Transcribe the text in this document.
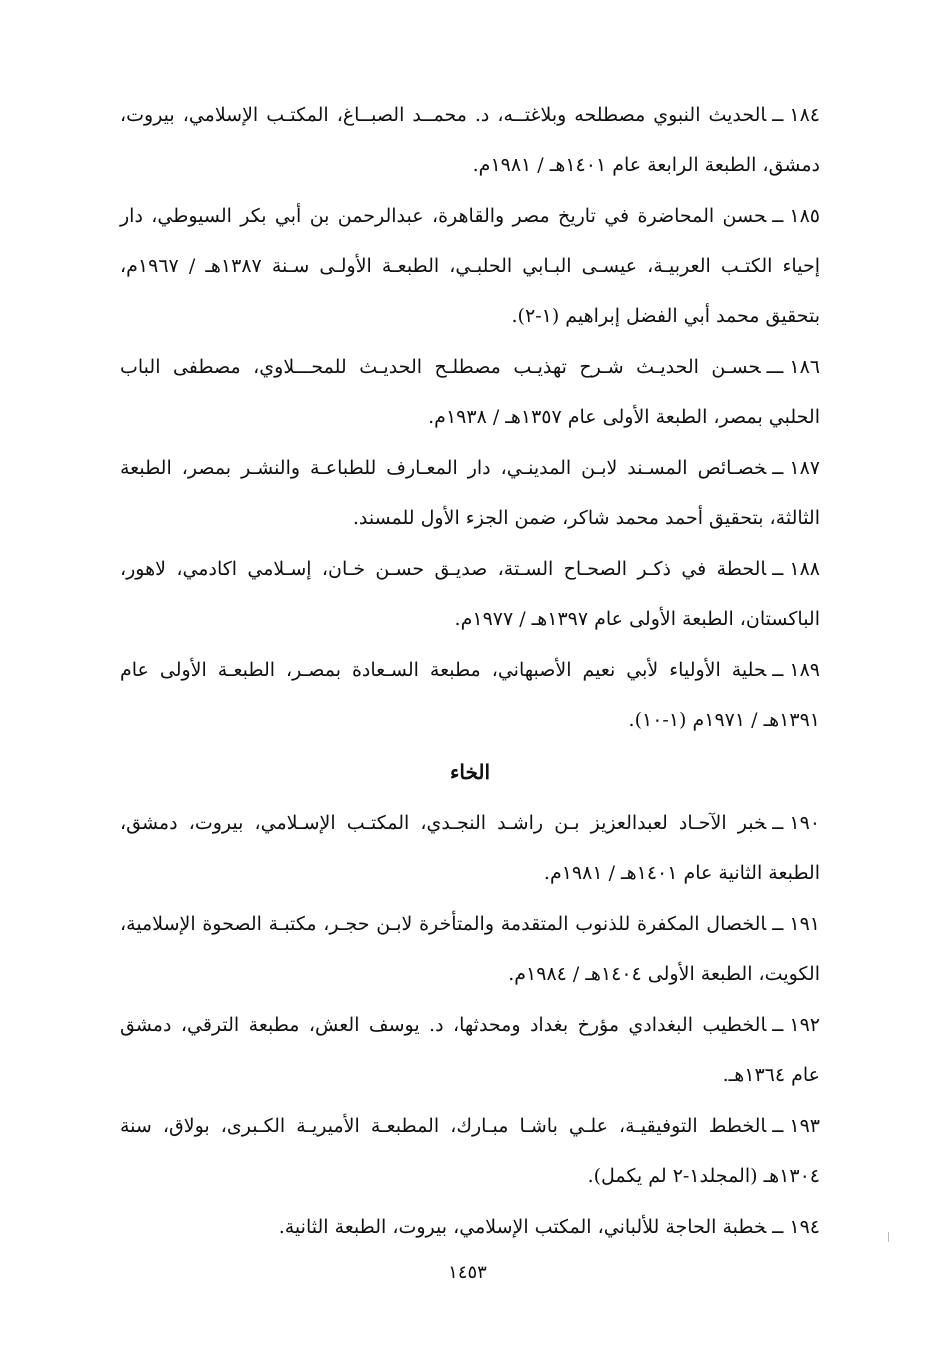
١٨٤ــالحديث النبوي مصطلحه وبلاغتــه، د. محمــد الصبــاغ، المكتـب الإسلامي، بيروت، دمشق، الطبعة الرابعة عام ١٤٠١هـ / ١٩٨١م.

١٨٥ــحسن المحاضرة في تاريخ مصر والقاهرة، عبدالرحمن بن أبي بكر السيوطي، دار إحياء الكتـب العربيـة، عيسـى البـابي الحلبـي، الطبعـة الأولـى سـنة ١٣٨٧هـ / ١٩٦٧م، بتحقيق محمد أبي الفضل إبراهيم (١-٢).

١٨٦ـــحسـن الحديـث شـرح تهذيـب مصطلـح الحديـث للمحـــلاوي، مصطفى الباب الحلبي بمصر، الطبعة الأولى عام ١٣٥٧هـ / ١٩٣٨م.

١٨٧ــخصـائص المسـند لابـن المدينـي، دار المعـارف للطباعـة والنشـر بمصر، الطبعة الثالثة، بتحقيق أحمد محمد شاكر، ضمن الجزء الأول للمسند.

١٨٨ــالحطة في ذكـر الصحـاح السـتة، صديـق حسـن خـان، إسـلامي اكادمي، لاهور، الباكستان، الطبعة الأولى عام ١٣٩٧هـ / ١٩٧٧م.

١٨٩ــحلية الأولياء لأبي نعيم الأصبهاني، مطبعة السـعادة بمصـر، الطبعـة الأولى عام ١٣٩١هـ / ١٩٧١م (١-١٠).

الخاء

١٩٠ــخبر الآحـاد لعبدالعزيز بـن راشـد النجـدي، المكتـب الإسـلامي، بيروت، دمشق، الطبعة الثانية عام ١٤٠١هـ / ١٩٨١م.

١٩١ــالخصال المكفرة للذنوب المتقدمة والمتأخرة لابـن حجـر، مكتبـة الصحوة الإسلامية، الكويت، الطبعة الأولى ١٤٠٤هـ / ١٩٨٤م.

١٩٢ــالخطيب البغدادي مؤرخ بغداد ومحدثها، د. يوسف العش، مطبعة الترقي، دمشق عام ١٣٦٤هـ.

١٩٣ــالخطط التوفيقيـة، علـي باشـا مبـارك، المطبعـة الأميريـة الكـبرى، بولاق، سنة ١٣٠٤هـ (المجلد١-٢ لم يكمل).

١٩٤ــخطبة الحاجة للألباني، المكتب الإسلامي، بيروت، الطبعة الثانية.

١٤٥٣
